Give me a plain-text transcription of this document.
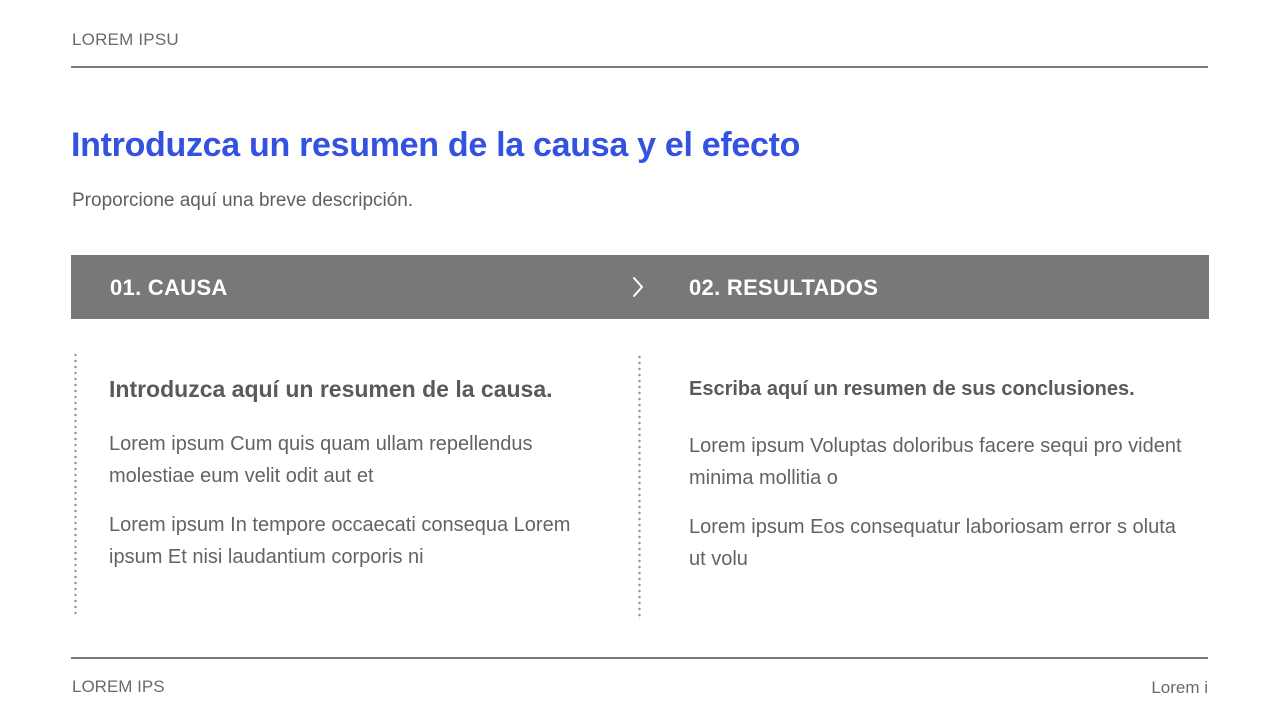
LOREM IPSU
Introduzca un resumen de la causa y el efecto
Proporcione aquí una breve descripción.
01. CAUSA	02. RESULTADOS
Introduzca aquí un resumen de la causa.
Lorem ipsum Cum quis quam ullam repellendus molestiae eum velit odit aut et
Lorem ipsum In tempore occaecati consequa Lorem ipsum Et nisi laudantium corporis ni
Escriba aquí un resumen de sus conclusiones.
Lorem ipsum Voluptas doloribus facere sequi pro vident minima mollitia o
Lorem ipsum Eos consequatur laboriosam error s oluta ut volu
LOREM IPS	Lorem i
